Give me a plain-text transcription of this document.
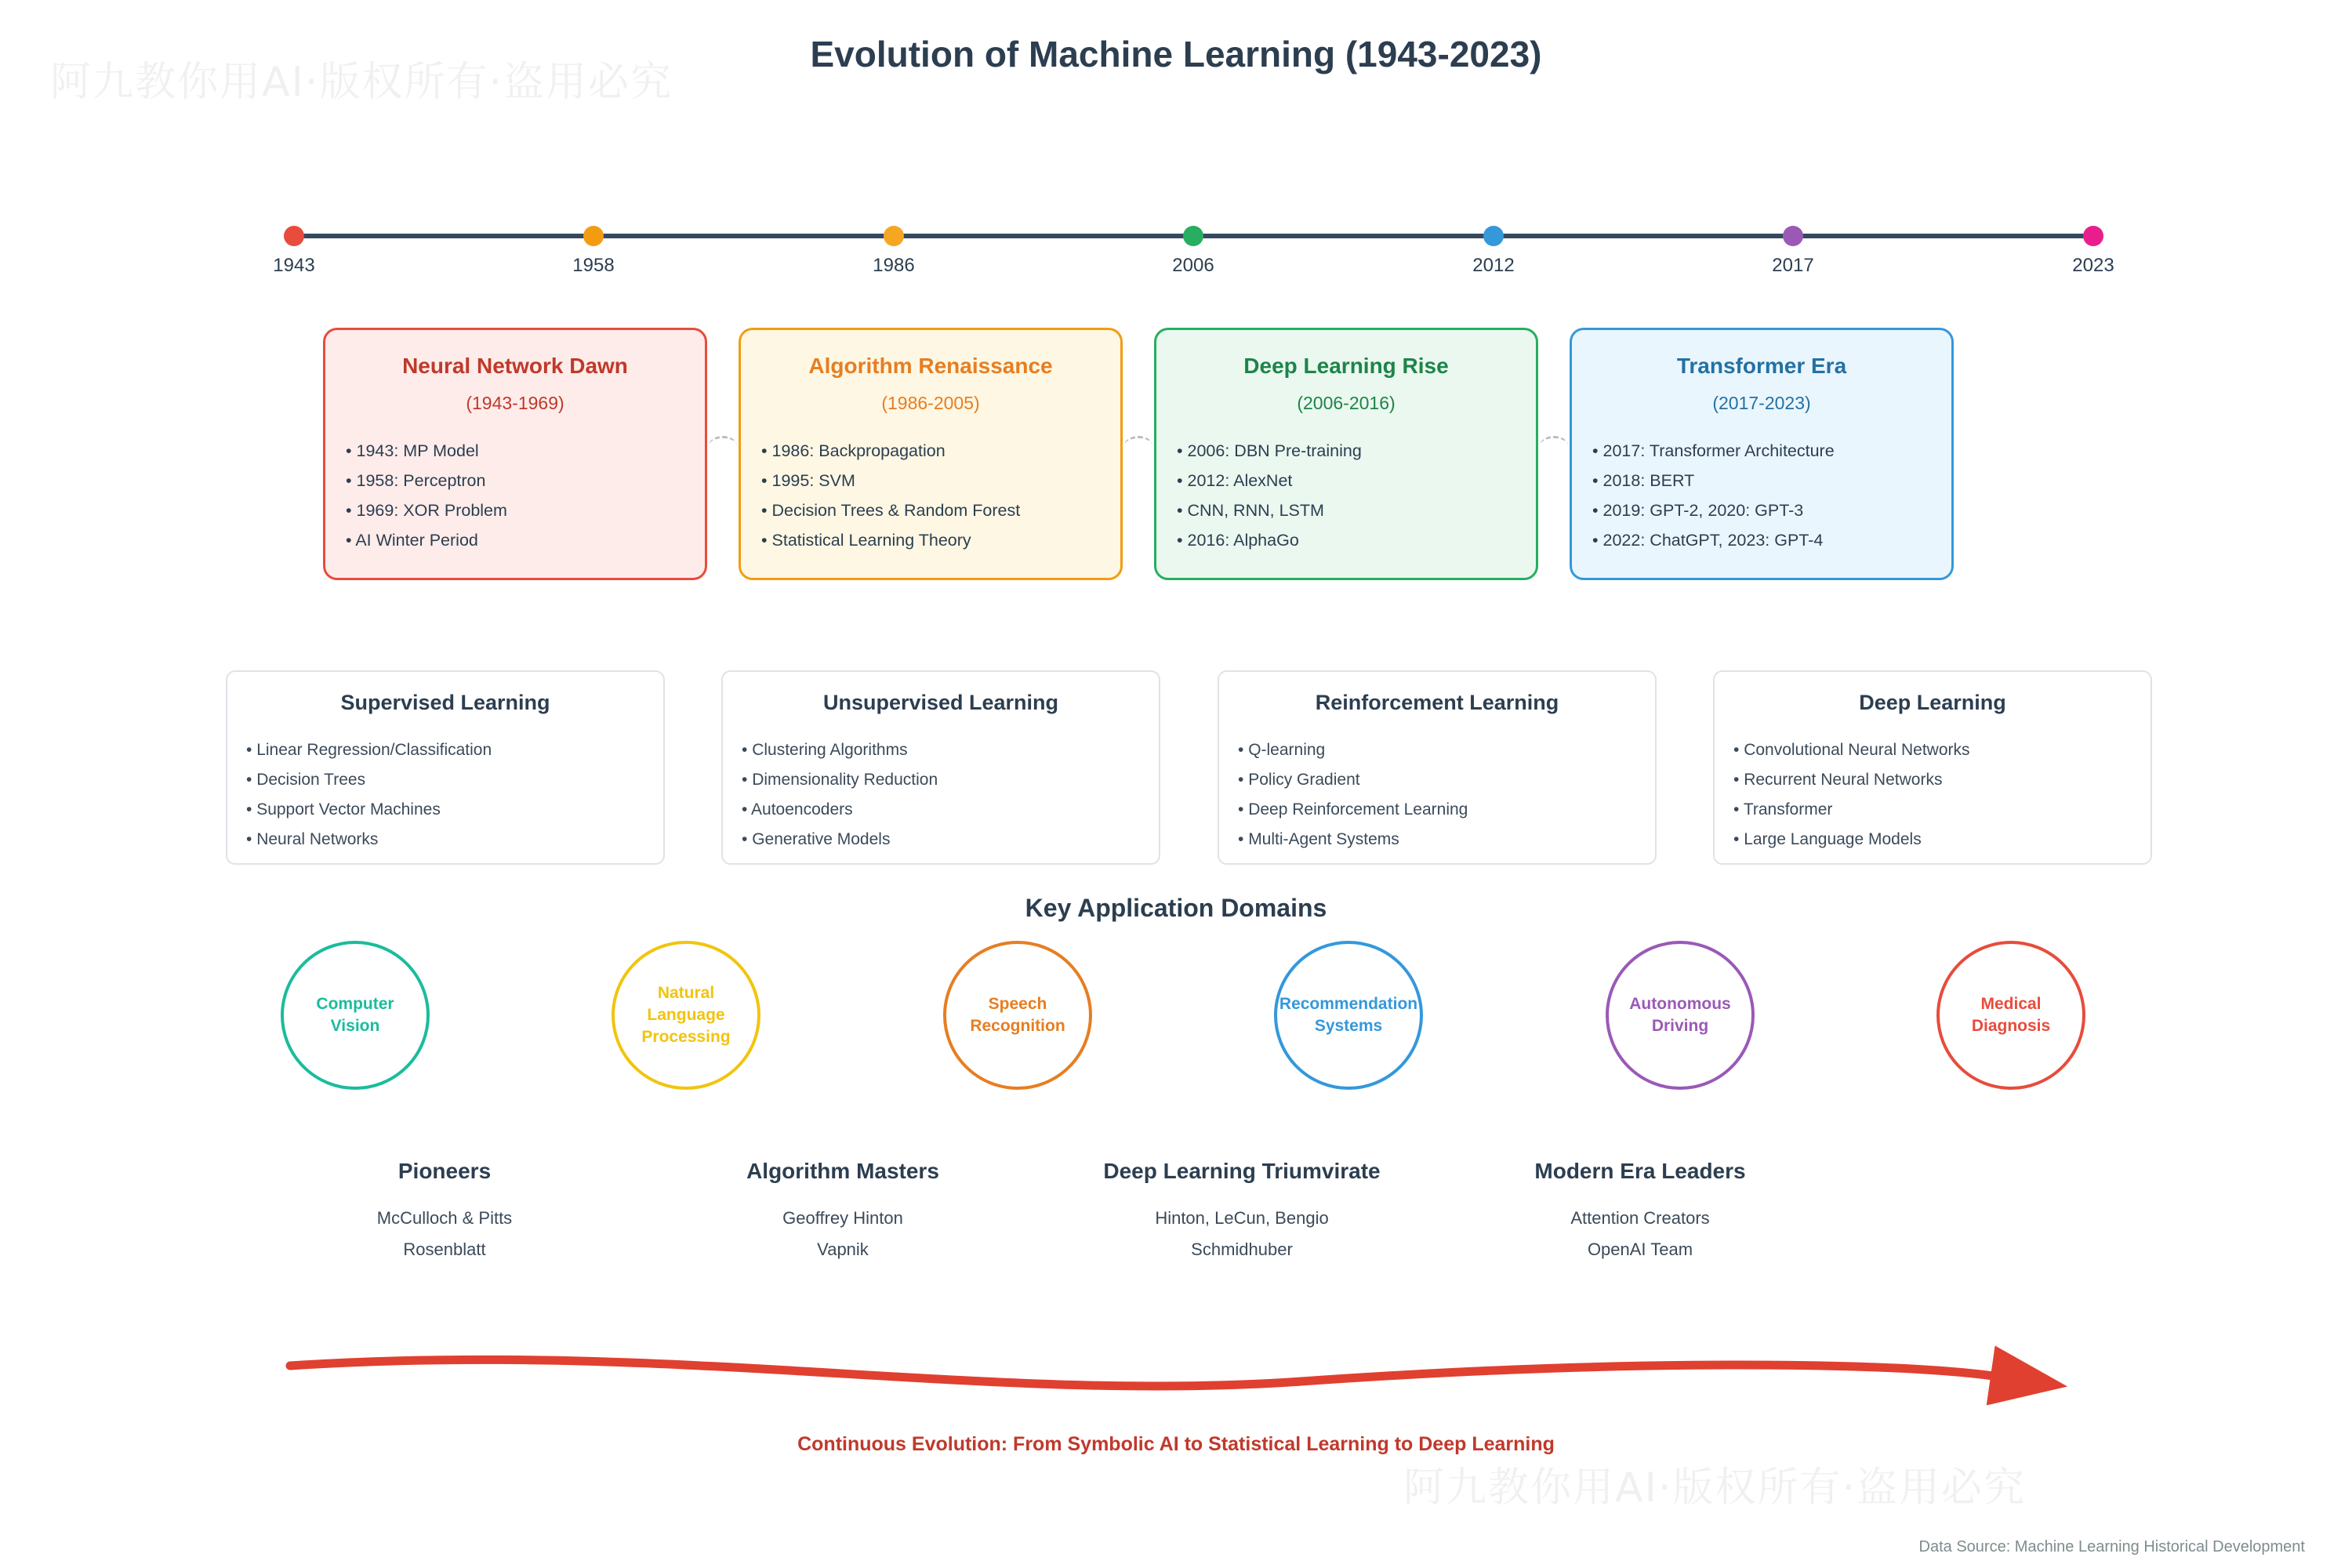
阿九教你用AI·版权所有·盗用必究
阿九教你用AI·版权所有·盗用必究
Evolution of Machine Learning (1943-2023)
1943	1958	1986	2006	2012	2017	2023
Neural Network Dawn
(1943-1969)
• 1943: MP Model
• 1958: Perceptron
• 1969: XOR Problem
• AI Winter Period
Algorithm Renaissance
(1986-2005)
• 1986: Backpropagation
• 1995: SVM
• Decision Trees & Random Forest
• Statistical Learning Theory
Deep Learning Rise
(2006-2016)
• 2006: DBN Pre-training
• 2012: AlexNet
• CNN, RNN, LSTM
• 2016: AlphaGo
Transformer Era
(2017-2023)
• 2017: Transformer Architecture
• 2018: BERT
• 2019: GPT-2, 2020: GPT-3
• 2022: ChatGPT, 2023: GPT-4
Supervised Learning
• Linear Regression/Classification
• Decision Trees
• Support Vector Machines
• Neural Networks
Unsupervised Learning
• Clustering Algorithms
• Dimensionality Reduction
• Autoencoders
• Generative Models
Reinforcement Learning
• Q-learning
• Policy Gradient
• Deep Reinforcement Learning
• Multi-Agent Systems
Deep Learning
• Convolutional Neural Networks
• Recurrent Neural Networks
• Transformer
• Large Language Models
Key Application Domains
Computer Vision
Natural Language Processing
Speech Recognition
Recommendation Systems
Autonomous Driving
Medical Diagnosis
Pioneers
McCulloch & Pitts
Rosenblatt
Algorithm Masters
Geoffrey Hinton
Vapnik
Deep Learning Triumvirate
Hinton, LeCun, Bengio
Schmidhuber
Modern Era Leaders
Attention Creators
OpenAI Team
Continuous Evolution: From Symbolic AI to Statistical Learning to Deep Learning
Data Source: Machine Learning Historical Development
